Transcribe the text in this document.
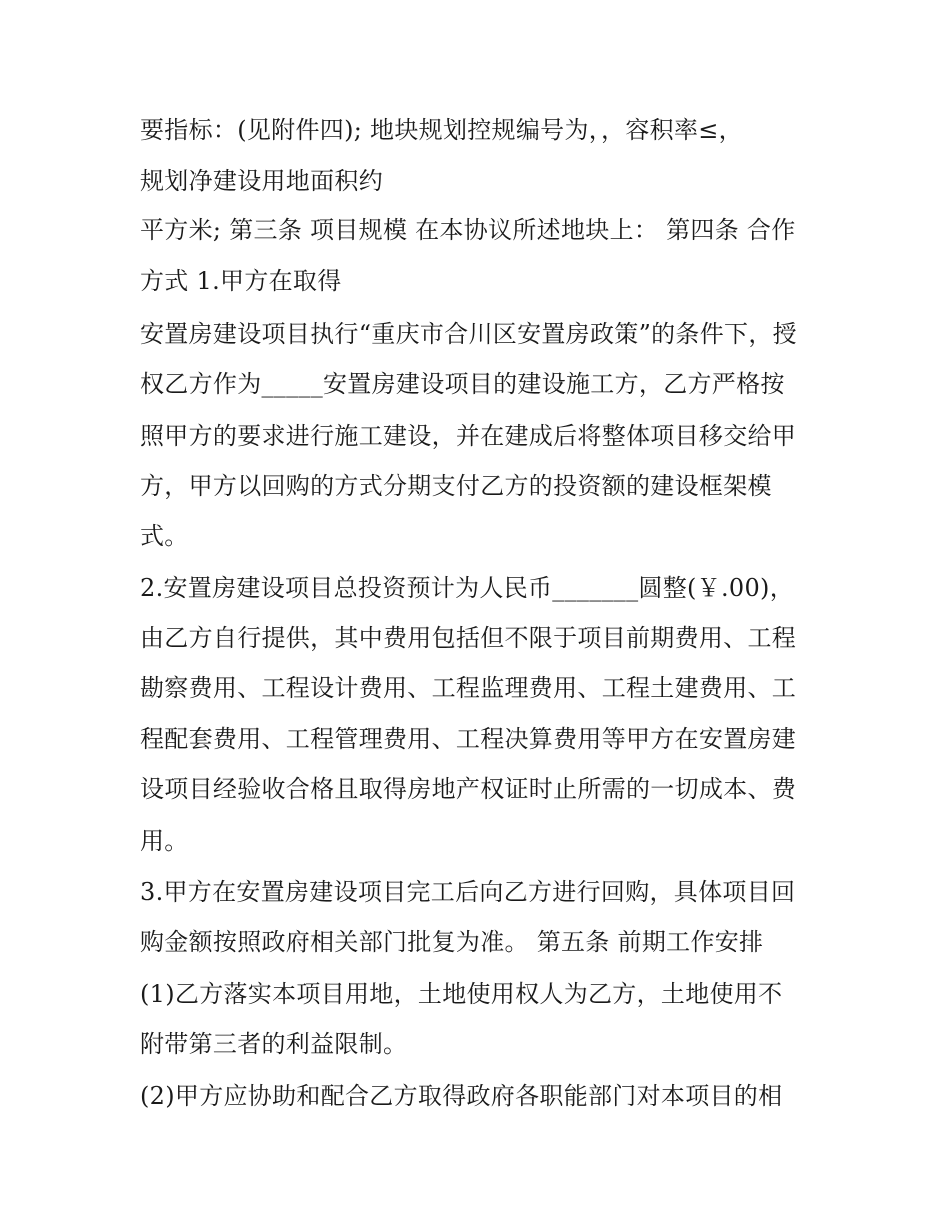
要指标：(见附件四); 地块规划控规编号为，，容积率≤，

规划净建设用地面积约

平方米; 第三条 项目规模 在本协议所述地块上： 第四条 合作

方式 1.甲方在取得

安置房建设项目执行“重庆市合川区安置房政策”的条件下，授

权乙方作为_____安置房建设项目的建设施工方，乙方严格按

照甲方的要求进行施工建设，并在建成后将整体项目移交给甲

方，甲方以回购的方式分期支付乙方的投资额的建设框架模

式。

2.安置房建设项目总投资预计为人民币_______圆整(￥.00)，

由乙方自行提供，其中费用包括但不限于项目前期费用、工程

勘察费用、工程设计费用、工程监理费用、工程土建费用、工

程配套费用、工程管理费用、工程决算费用等甲方在安置房建

设项目经验收合格且取得房地产权证时止所需的一切成本、费

用。

3.甲方在安置房建设项目完工后向乙方进行回购，具体项目回

购金额按照政府相关部门批复为准。 第五条 前期工作安排

(1)乙方落实本项目用地，土地使用权人为乙方，土地使用不

附带第三者的利益限制。

(2)甲方应协助和配合乙方取得政府各职能部门对本项目的相
